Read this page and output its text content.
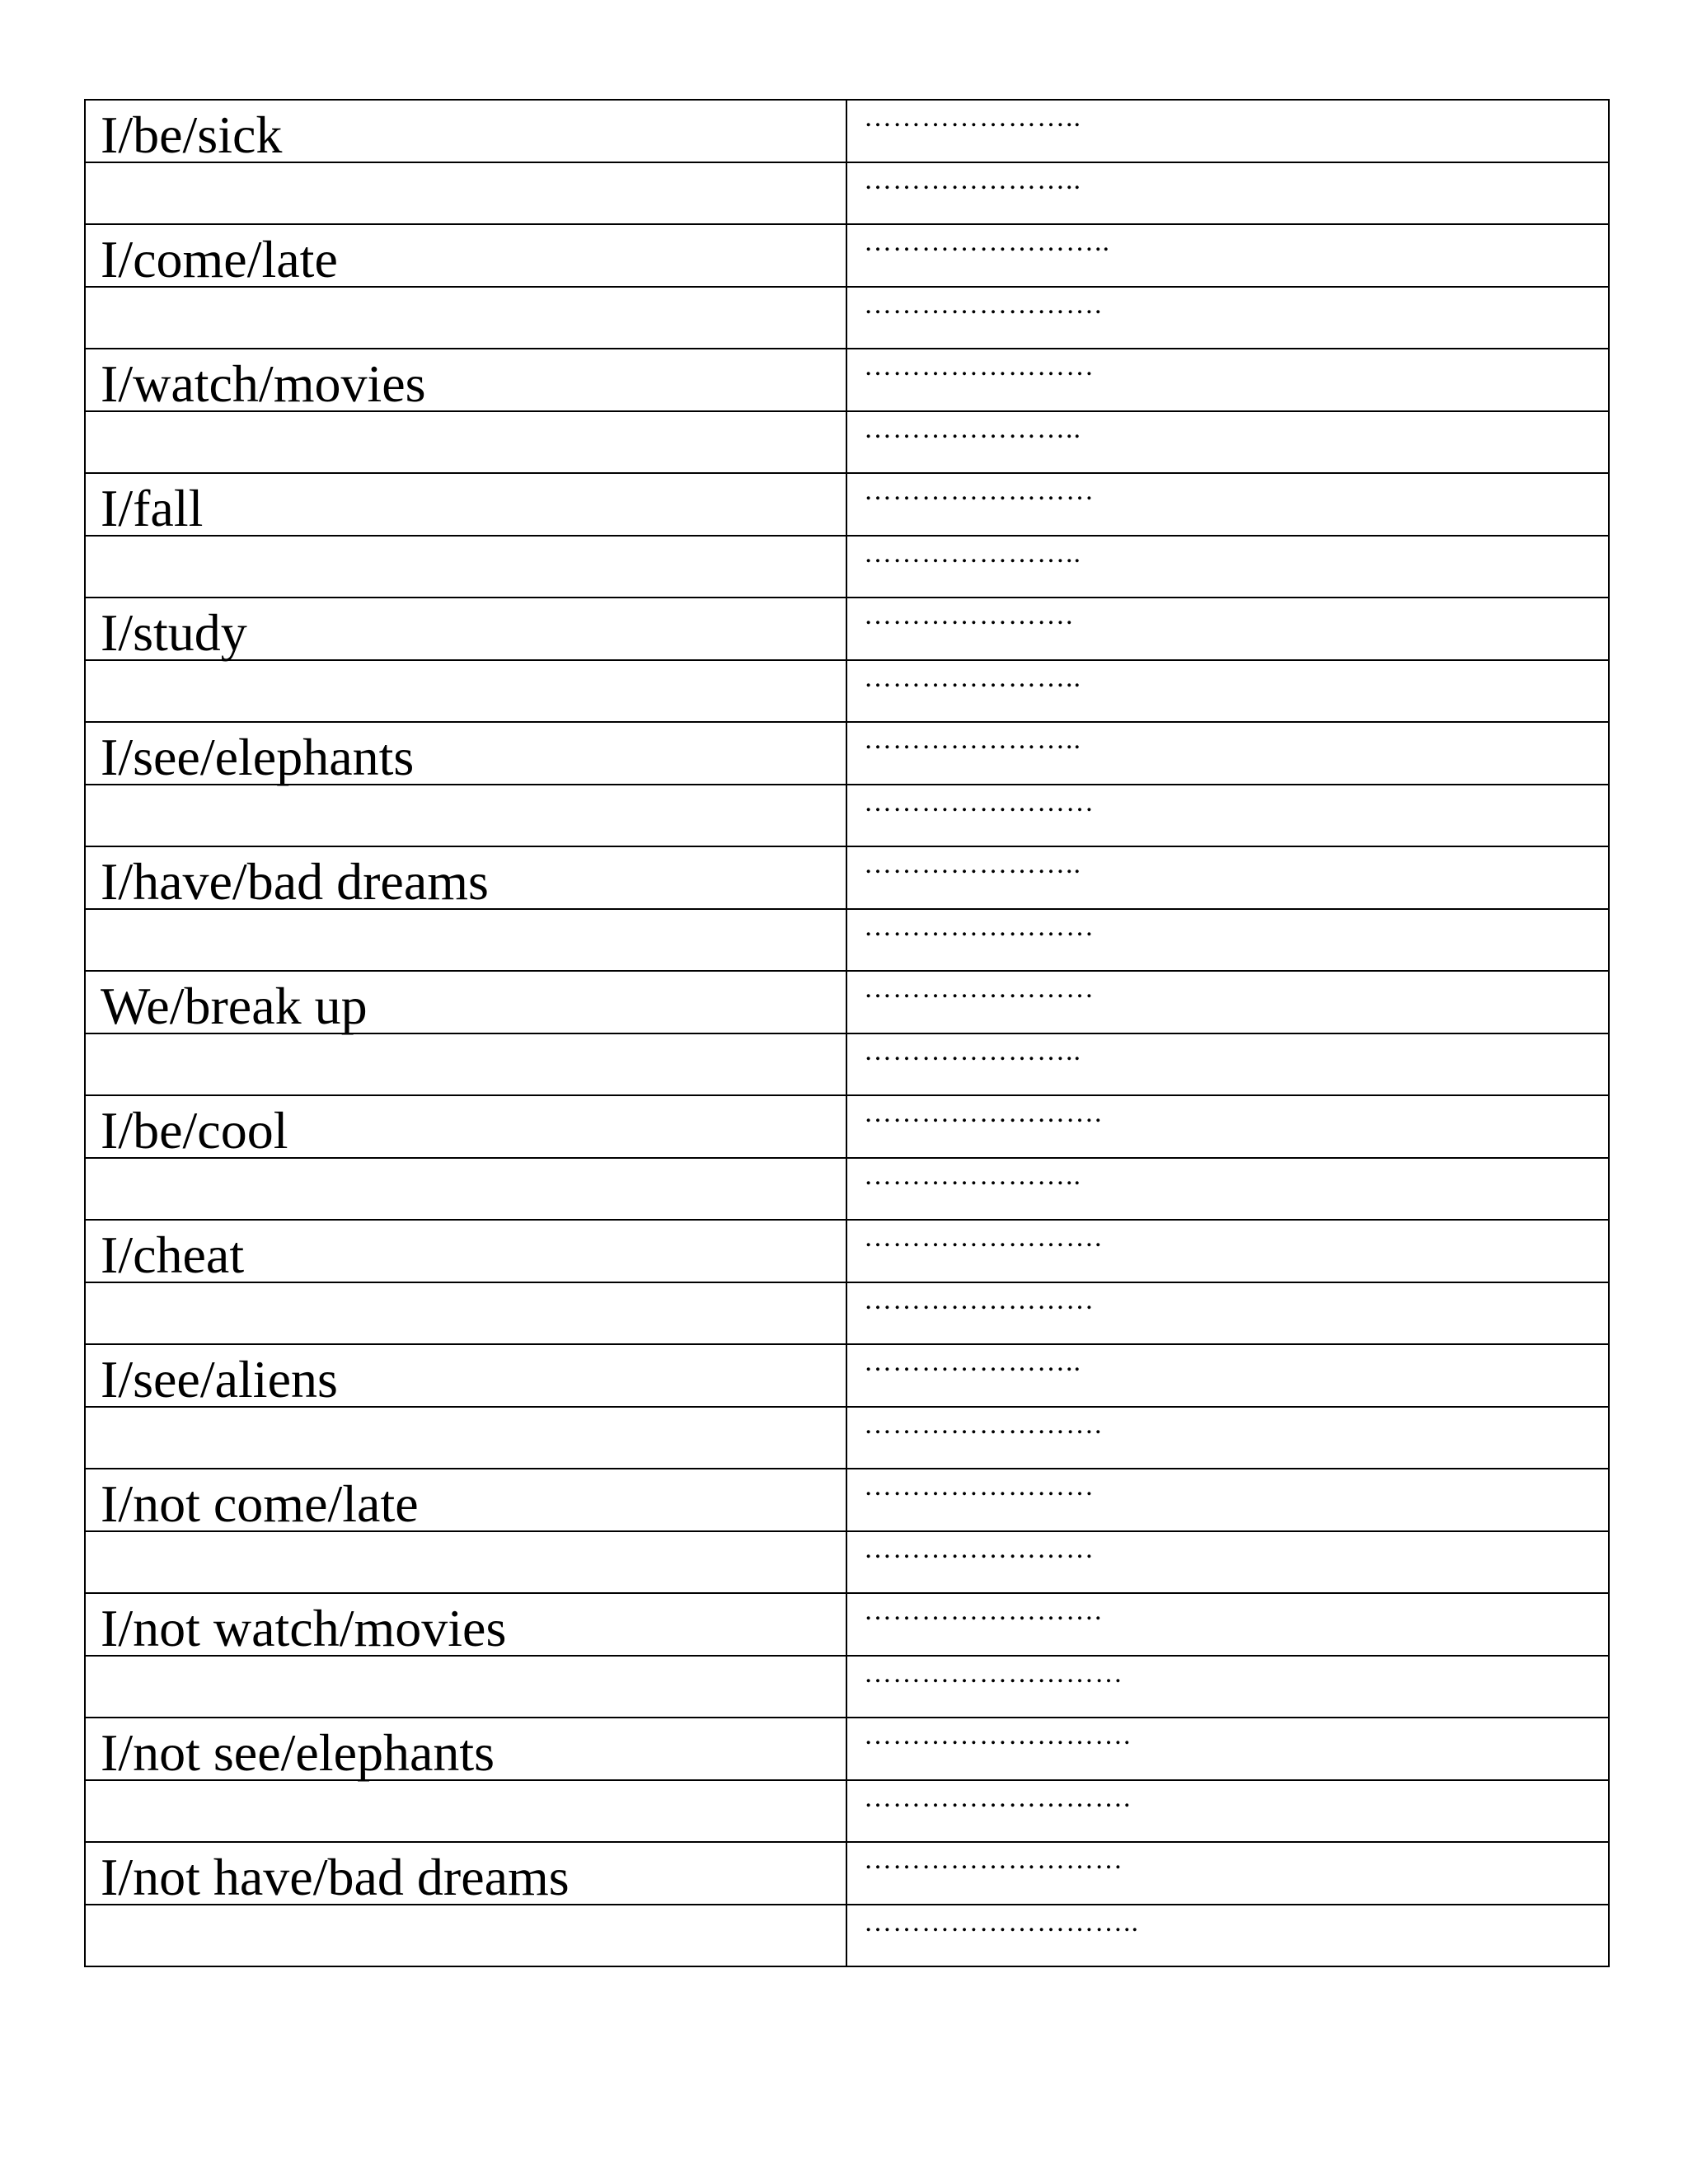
I/be/sick	…………………..

	…………………..

I/come/late	……………………..

	…………………….

I/watch/movies	……………………

	…………………..

I/fall	……………………

	…………………..

I/study	………………….

	…………………..

I/see/elephants	…………………..

	……………………

I/have/bad dreams	…………………..

	……………………

We/break up	……………………

	…………………..

I/be/cool	…………………….

	…………………..

I/cheat	…………………….

	……………………

I/see/aliens	…………………..

	…………………….

I/not come/late	……………………

	……………………

I/not watch/movies	…………………….

	………………………

I/not see/elephants	……………………….

	……………………….

I/not have/bad dreams	………………………

	………………………..
